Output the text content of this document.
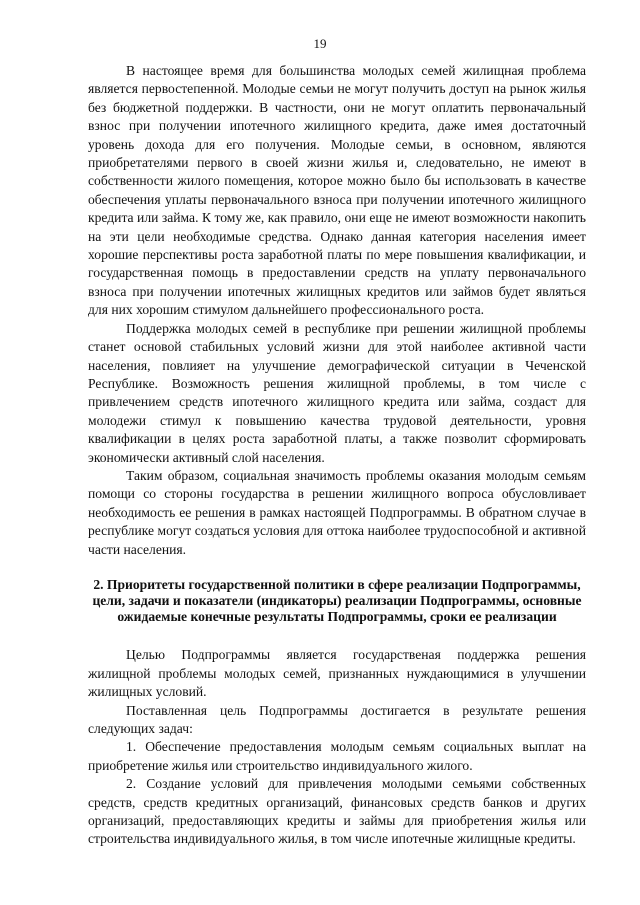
19

В настоящее время для большинства молодых семей жилищная проблема является первостепенной. Молодые семьи не могут получить доступ на рынок жилья без бюджетной поддержки. В частности, они не могут оплатить первоначальный взнос при получении ипотечного жилищного кредита, даже имея достаточный уровень дохода для его получения. Молодые семьи, в основном, являются приобретателями первого в своей жизни жилья и, следовательно, не имеют в собственности жилого помещения, которое можно было бы использовать в качестве обеспечения уплаты первоначального взноса при получении ипотечного жилищного кредита или займа. К тому же, как правило, они еще не имеют возможности накопить на эти цели необходимые средства. Однако данная категория населения имеет хорошие перспективы роста заработной платы по мере повышения квалификации, и государственная помощь в предоставлении средств на уплату первоначального взноса при получении ипотечных жилищных кредитов или займов будет являться для них хорошим стимулом дальнейшего профессионального роста.

Поддержка молодых семей в республике при решении жилищной проблемы станет основой стабильных условий жизни для этой наиболее активной части населения, повлияет на улучшение демографической ситуации в Чеченской Республике. Возможность решения жилищной проблемы, в том числе с привлечением средств ипотечного жилищного кредита или займа, создаст для молодежи стимул к повышению качества трудовой деятельности, уровня квалификации в целях роста заработной платы, а также позволит сформировать экономически активный слой населения.

Таким образом, социальная значимость проблемы оказания молодым семьям помощи со стороны государства в решении жилищного вопроса обусловливает необходимость ее решения в рамках настоящей Подпрограммы. В обратном случае в республике могут создаться условия для оттока наиболее трудоспособной и активной части населения.

2. Приоритеты государственной политики в сфере реализации Подпрограммы, цели, задачи и показатели (индикаторы) реализации Подпрограммы, основные ожидаемые конечные результаты Подпрограммы, сроки ее реализации

Целью Подпрограммы является государственая поддержка решения жилищной проблемы молодых семей, признанных нуждающимися в улучшении жилищных условий.

Поставленная цель Подпрограммы достигается в результате решения следующих задач:

1. Обеспечение предоставления молодым семьям социальных выплат на приобретение жилья или строительство индивидуального жилого.

2. Создание условий для привлечения молодыми семьями собственных средств, средств кредитных организаций, финансовых средств банков и других организаций, предоставляющих кредиты и займы для приобретения жилья или строительства индивидуального жилья, в том числе ипотечные жилищные кредиты.
